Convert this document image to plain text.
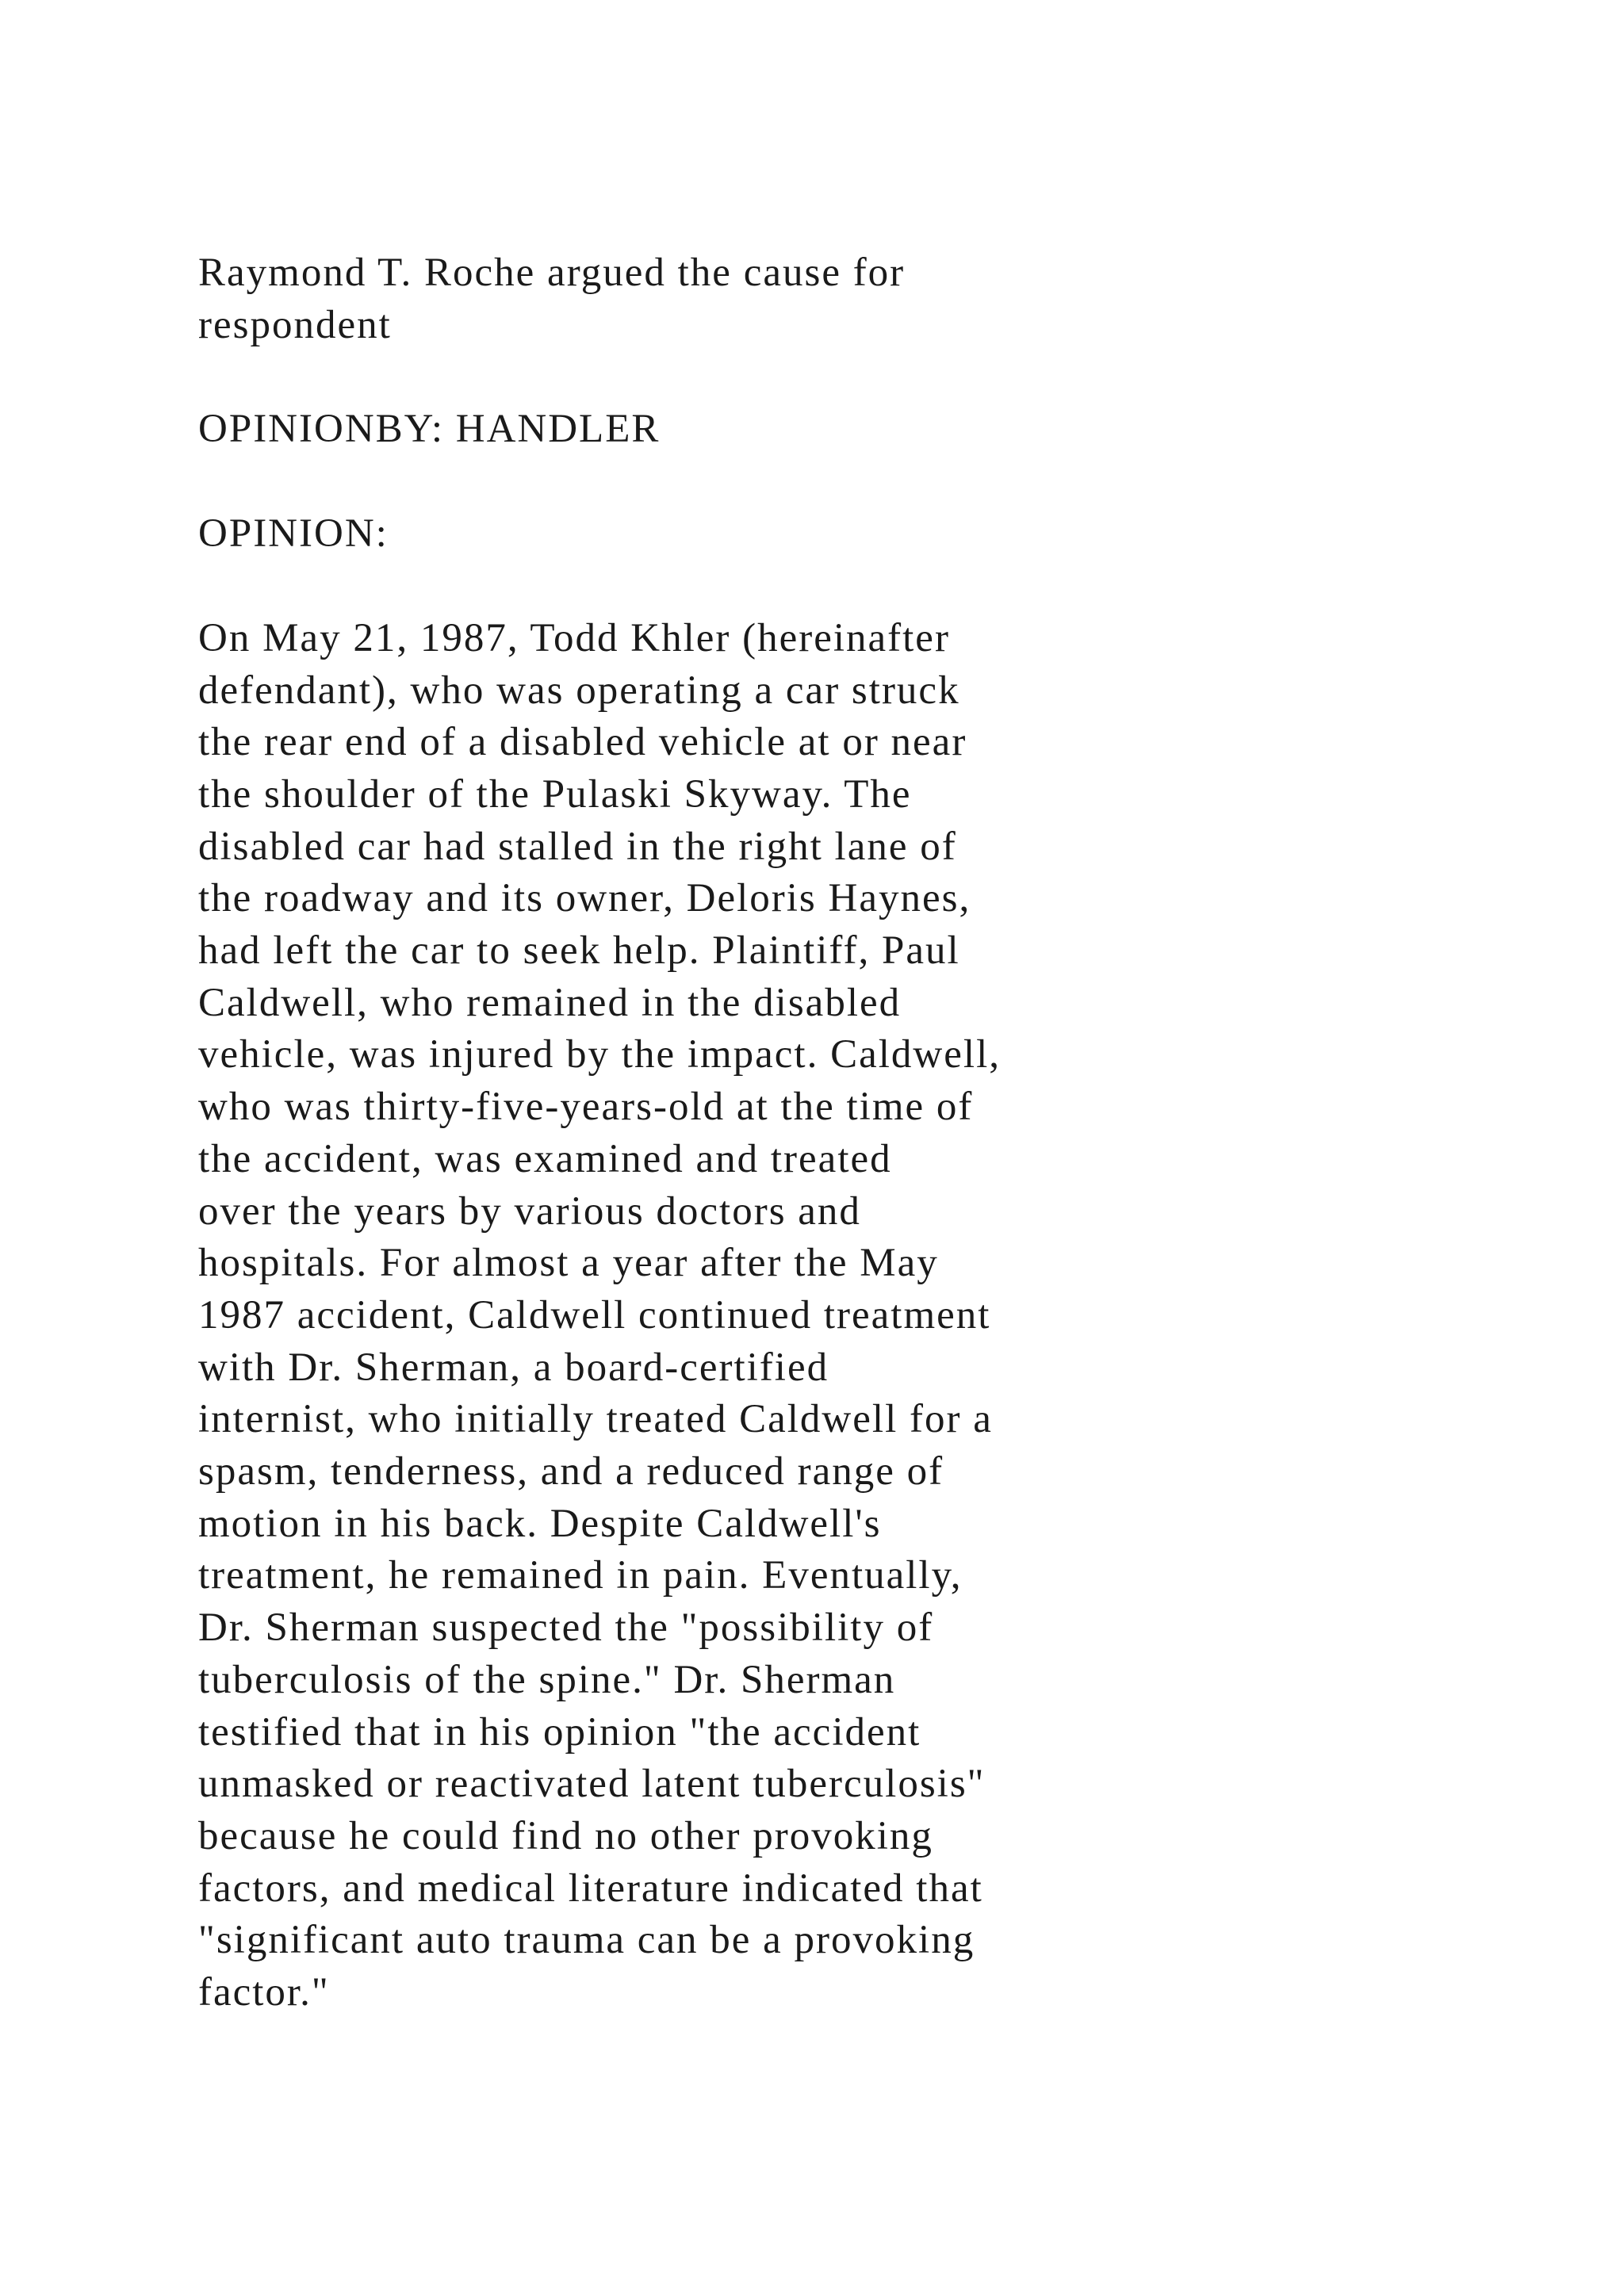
Raymond T. Roche argued the cause for
respondent
OPINIONBY: HANDLER
OPINION:
On May 21, 1987, Todd Khler (hereinafter
defendant), who was operating a car struck
the rear end of a disabled vehicle at or near
the shoulder of the Pulaski Skyway. The
disabled car had stalled in the right lane of
the roadway and its owner, Deloris Haynes,
had left the car to seek help. Plaintiff, Paul
Caldwell, who remained in the disabled
vehicle, was injured by the impact. Caldwell,
who was thirty-five-years-old at the time of
the accident, was examined and treated
over the years by various doctors and
hospitals. For almost a year after the May
1987 accident, Caldwell continued treatment
with Dr. Sherman, a board-certified
internist, who initially treated Caldwell for a
spasm, tenderness, and a reduced range of
motion in his back. Despite Caldwell's
treatment, he remained in pain. Eventually,
Dr. Sherman suspected the "possibility of
tuberculosis of the spine." Dr. Sherman
testified that in his opinion "the accident
unmasked or reactivated latent tuberculosis"
because he could find no other provoking
factors, and medical literature indicated that
"significant auto trauma can be a provoking
factor."
